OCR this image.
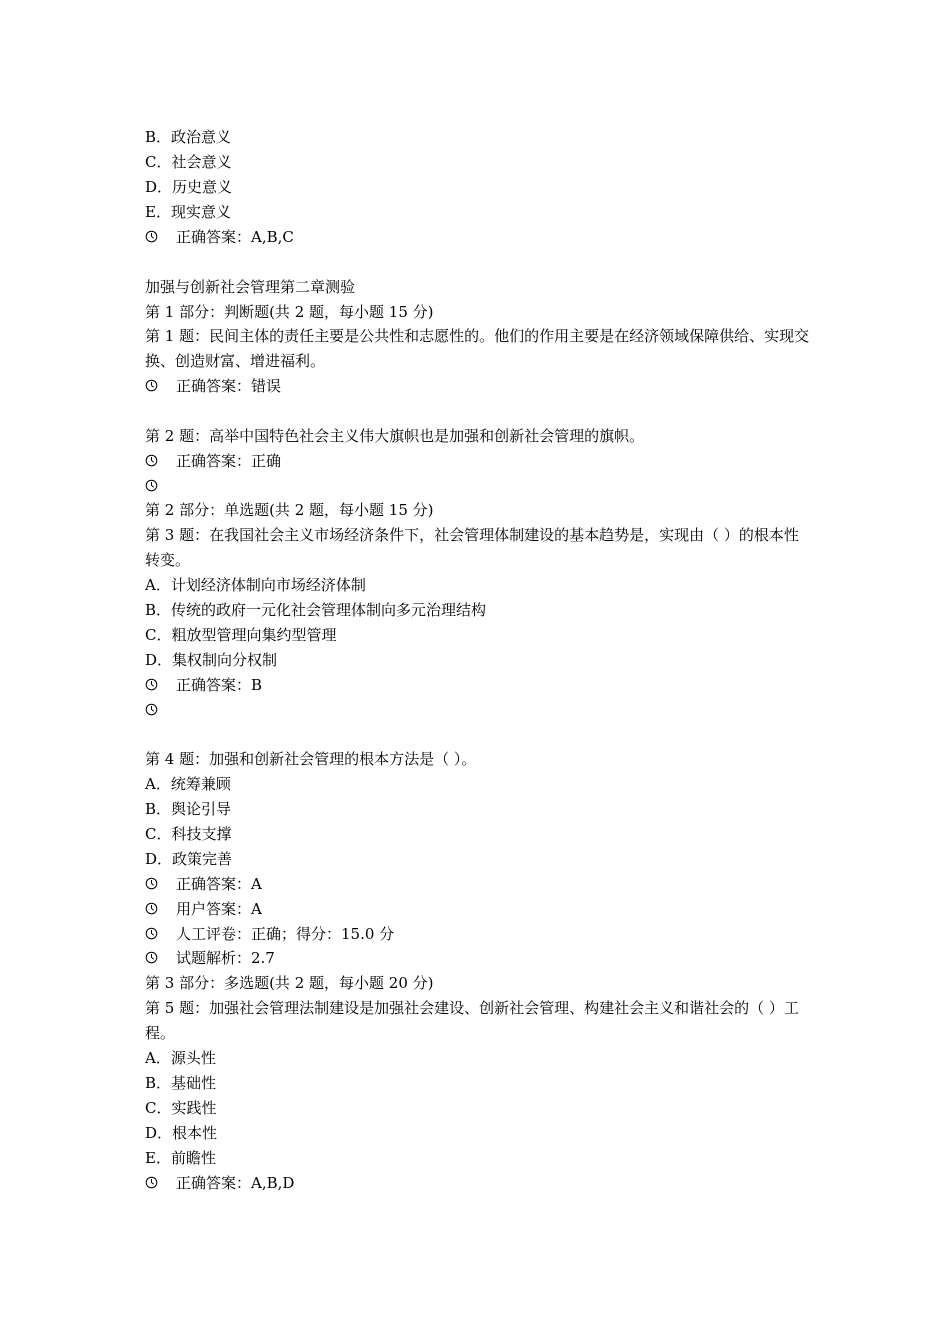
B．政治意义
C．社会意义
D．历史意义
E．现实意义
正确答案：A,B,C
加强与创新社会管理第二章测验
第 1 部分：判断题(共 2 题，每小题 15 分)
第 1 题：民间主体的责任主要是公共性和志愿性的。他们的作用主要是在经济领域保障供给、实现交换、创造财富、增进福利。
正确答案：错误
第 2 题：高举中国特色社会主义伟大旗帜也是加强和创新社会管理的旗帜。
正确答案：正确
第 2 部分：单选题(共 2 题，每小题 15 分)
第 3 题：在我国社会主义市场经济条件下，社会管理体制建设的基本趋势是，实现由（ ）的根本性转变。
A．计划经济体制向市场经济体制
B．传统的政府一元化社会管理体制向多元治理结构
C．粗放型管理向集约型管理
D．集权制向分权制
正确答案：B
第 4 题：加强和创新社会管理的根本方法是（ ）。
A．统筹兼顾
B．舆论引导
C．科技支撑
D．政策完善
正确答案：A
用户答案：A
人工评卷：正确；得分：15.0 分
试题解析：2.7
第 3 部分：多选题(共 2 题，每小题 20 分)
第 5 题：加强社会管理法制建设是加强社会建设、创新社会管理、构建社会主义和谐社会的（ ）工程。
A．源头性
B．基础性
C．实践性
D．根本性
E．前瞻性
正确答案：A,B,D
